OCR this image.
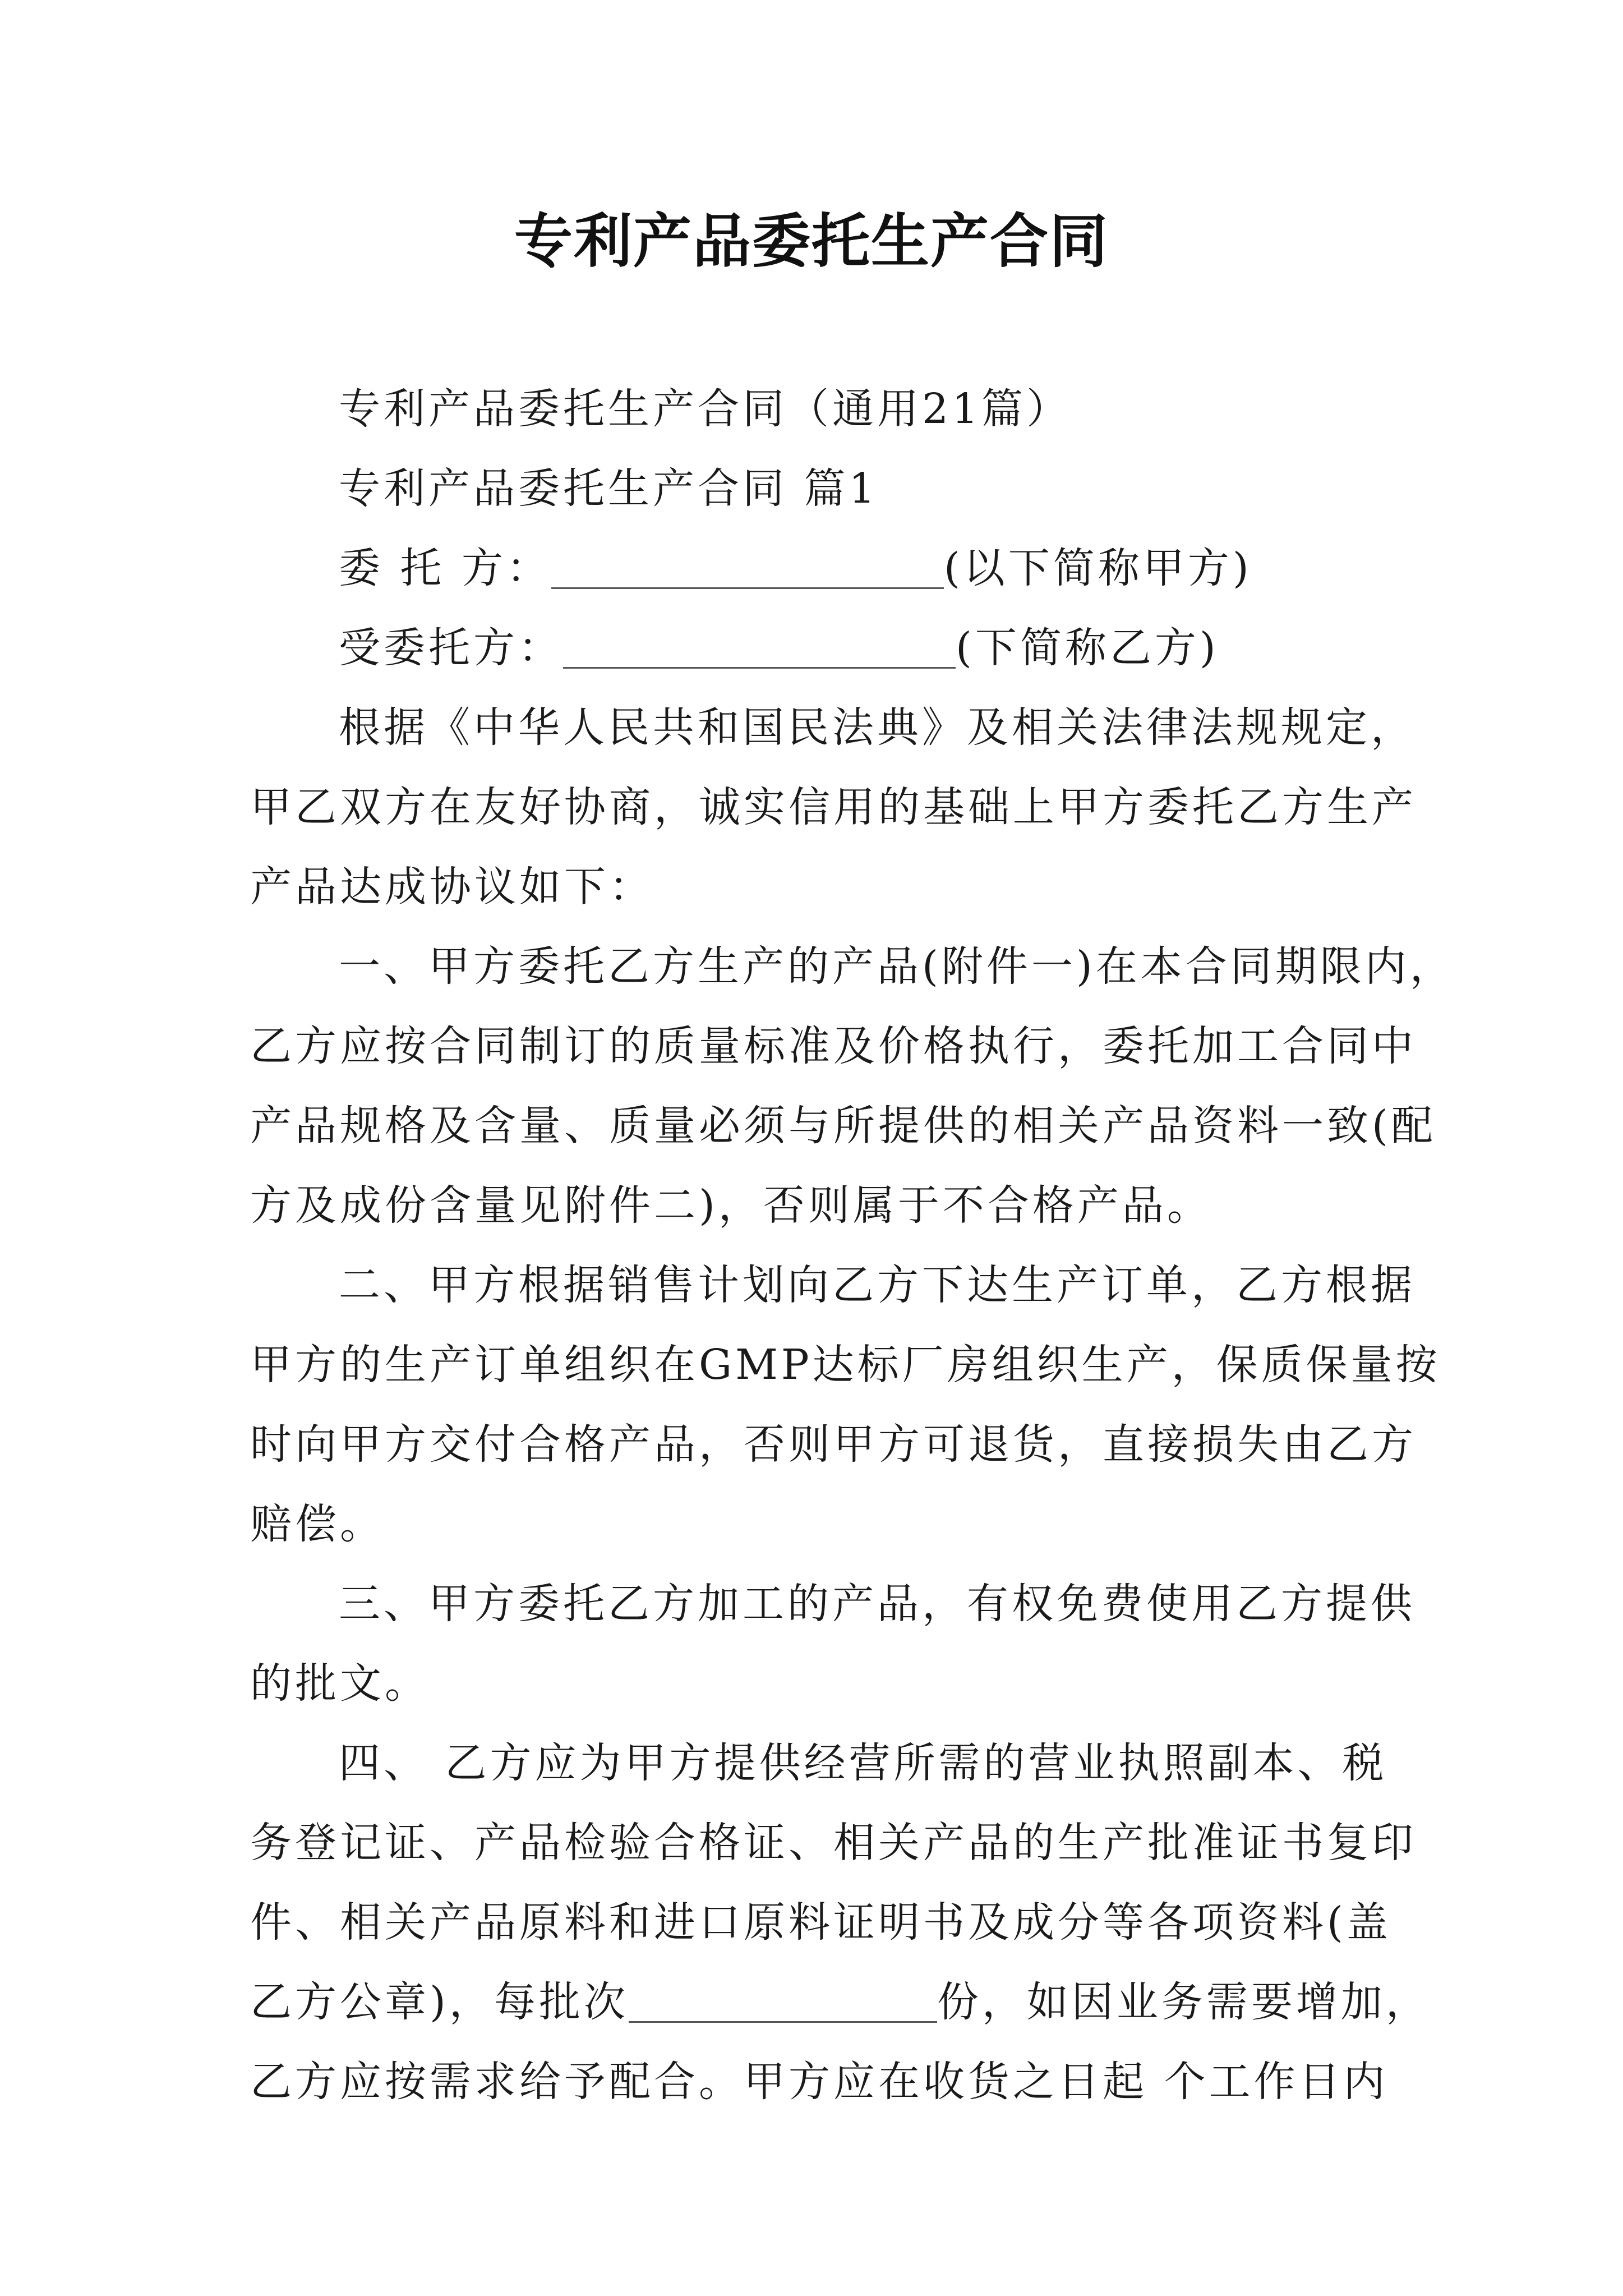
专利产品委托生产合同
专利产品委托生产合同（通用21篇）
专利产品委托生产合同 篇1
委 托 方：	(以下简称甲方)
受委托方：	(下简称乙方)
根据《中华人民共和国民法典》及相关法律法规规定，
甲乙双方在友好协商，诚实信用的基础上甲方委托乙方生产
产品达成协议如下：
一、甲方委托乙方生产的产品(附件一)在本合同期限内，
乙方应按合同制订的质量标准及价格执行，委托加工合同中
产品规格及含量、质量必须与所提供的相关产品资料一致(配
方及成份含量见附件二)，否则属于不合格产品。
二、甲方根据销售计划向乙方下达生产订单，乙方根据
甲方的生产订单组织在GMP达标厂房组织生产，保质保量按
时向甲方交付合格产品，否则甲方可退货，直接损失由乙方
赔偿。
三、甲方委托乙方加工的产品，有权免费使用乙方提供
的批文。
四、 乙方应为甲方提供经营所需的营业执照副本、税
务登记证、产品检验合格证、相关产品的生产批准证书复印
件、相关产品原料和进口原料证明书及成分等各项资料(盖
乙方公章)，每批次	份，如因业务需要增加，
乙方应按需求给予配合。甲方应在收货之日起 个工作日内
